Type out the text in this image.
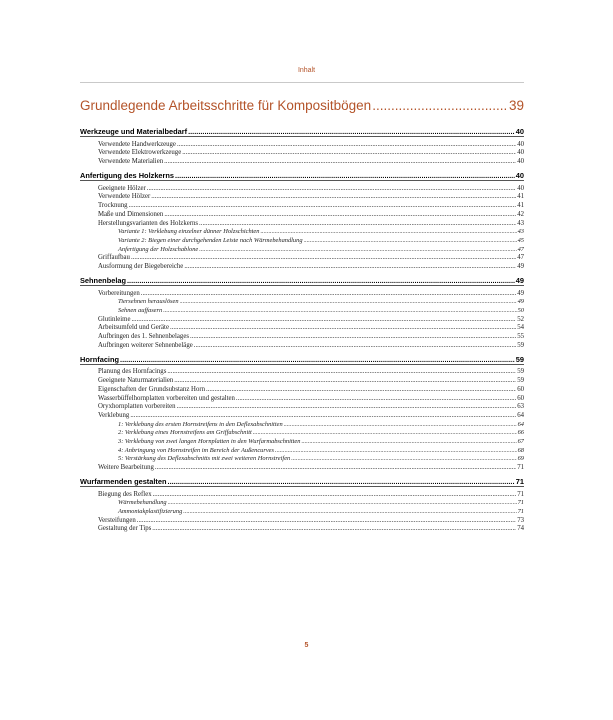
Inhalt
Grundlegende Arbeitsschritte für Kompositbögen .....	39
Werkzeuge und Materialbedarf .....	40
Verwendete Handwerkzeuge .....	40
Verwendete Elektrowerkzeuge .....	40
Verwendete Materialien .....	40
Anfertigung des Holzkerns .....	40
Geeignete Hölzer .....	40
Verwendete Hölzer .....	41
Trocknung .....	41
Maße und Dimensionen .....	42
Herstellungsvarianten des Holzkerns .....	43
Variante 1: Verklebung einzelner dünner Holzschichten .....	43
Variante 2: Biegen einer durchgehenden Leiste nach Wärmebehandlung .....	45
Anfertigung der Holzschablone .....	47
Griffaufbau .....	47
Ausformung der Biegebereiche .....	49
Sehnenbelag .....	49
Vorbereitungen .....	49
Tiersehnen herauslösen .....	49
Sehnen auffasern .....	50
Glutinleime .....	52
Arbeitsumfeld und Geräte .....	54
Aufbringen des 1. Sehnenbelages .....	55
Aufbringen weiterer Sehnenbeläge .....	59
Hornfacing .....	59
Planung des Hornfacings .....	59
Geeignete Naturmaterialien .....	59
Eigenschaften der Grundsubstanz Horn .....	60
Wasserbüffelhornplatten vorbereiten und gestalten .....	60
Oryxhornplatten vorbereiten .....	63
Verklebung .....	64
1: Verklebung des ersten Hornstreifens in den Deflexabschnitten .....	64
2: Verklebung eines Hornstreifens am Griffabschnitt .....	66
3: Verklebung von zwei langen Hornplatten in den Wurfarmabschnitten .....	67
4: Anbringung von Hornstreifen im Bereich der Außencurves .....	68
5: Verstärkung des Deflexabschnitts mit zwei weiteren Hornstreifen .....	69
Weitere Bearbeitung .....	71
Wurfarmenden gestalten .....	71
Biegung des Reflex .....	71
Wärmebehandlung .....	71
Ammoniakplastifizierung .....	71
Versteifungen .....	73
Gestaltung der Tips .....	74
5
